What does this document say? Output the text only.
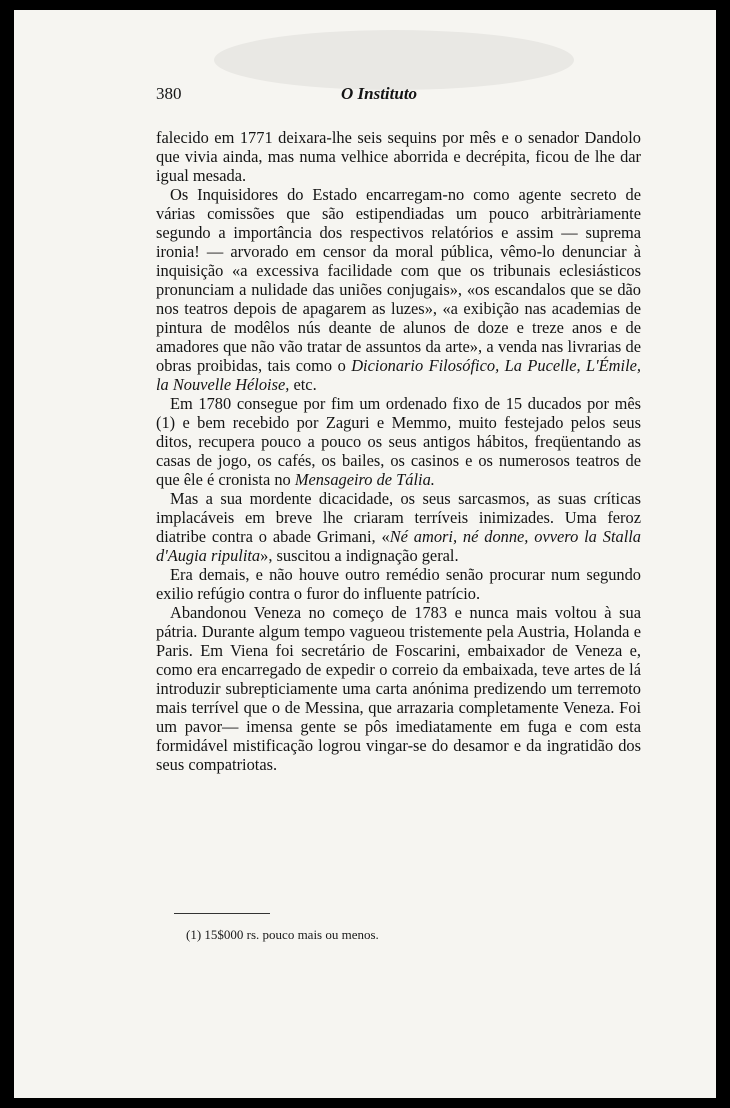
380	O Instituto

falecido em 1771 deixara-lhe seis sequins por mês e o senador Dandolo que vivia ainda, mas numa velhice aborrida e decrépita, ficou de lhe dar igual mesada.

Os Inquisidores do Estado encarregam-no como agente secreto de várias comissões que são estipendiadas um pouco arbitràriamente segundo a importância dos respectivos relatórios e assim — suprema ironia! — arvorado em censor da moral pública, vêmo-lo denunciar à inquisição «a excessiva facilidade com que os tribunais eclesiásticos pronunciam a nulidade das uniões conjugais», «os escandalos que se dão nos teatros depois de apagarem as luzes», «a exibição nas academias de pintura de modêlos nús deante de alunos de doze e treze anos e de amadores que não vão tratar de assuntos da arte», a venda nas livrarias de obras proibidas, tais como o Dicionario Filosófico, La Pucelle, L'Émile, la Nouvelle Héloise, etc.

Em 1780 consegue por fim um ordenado fixo de 15 ducados por mês (1) e bem recebido por Zaguri e Memmo, muito festejado pelos seus ditos, recupera pouco a pouco os seus antigos hábitos, freqüentando as casas de jogo, os cafés, os bailes, os casinos e os numerosos teatros de que êle é cronista no Mensageiro de Tália.

Mas a sua mordente dicacidade, os seus sarcasmos, as suas críticas implacáveis em breve lhe criaram terríveis inimizades. Uma feroz diatribe contra o abade Grimani, «Né amori, né donne, ovvero la Stalla d'Augia ripulita», suscitou a indignação geral.

Era demais, e não houve outro remédio senão procurar num segundo exilio refúgio contra o furor do influente patrício.

Abandonou Veneza no começo de 1783 e nunca mais voltou à sua pátria. Durante algum tempo vagueou tristemente pela Austria, Holanda e Paris. Em Viena foi secretário de Foscarini, embaixador de Veneza e, como era encarregado de expedir o correio da embaixada, teve artes de lá introduzir subrepticiamente uma carta anónima predizendo um terremoto mais terrível que o de Messina, que arrazaria completamente Veneza. Foi um pavor— imensa gente se pôs imediatamente em fuga e com esta formidável mistificação logrou vingar-se do desamor e da ingratidão dos seus compatriotas.

(1) 15$000 rs. pouco mais ou menos.
